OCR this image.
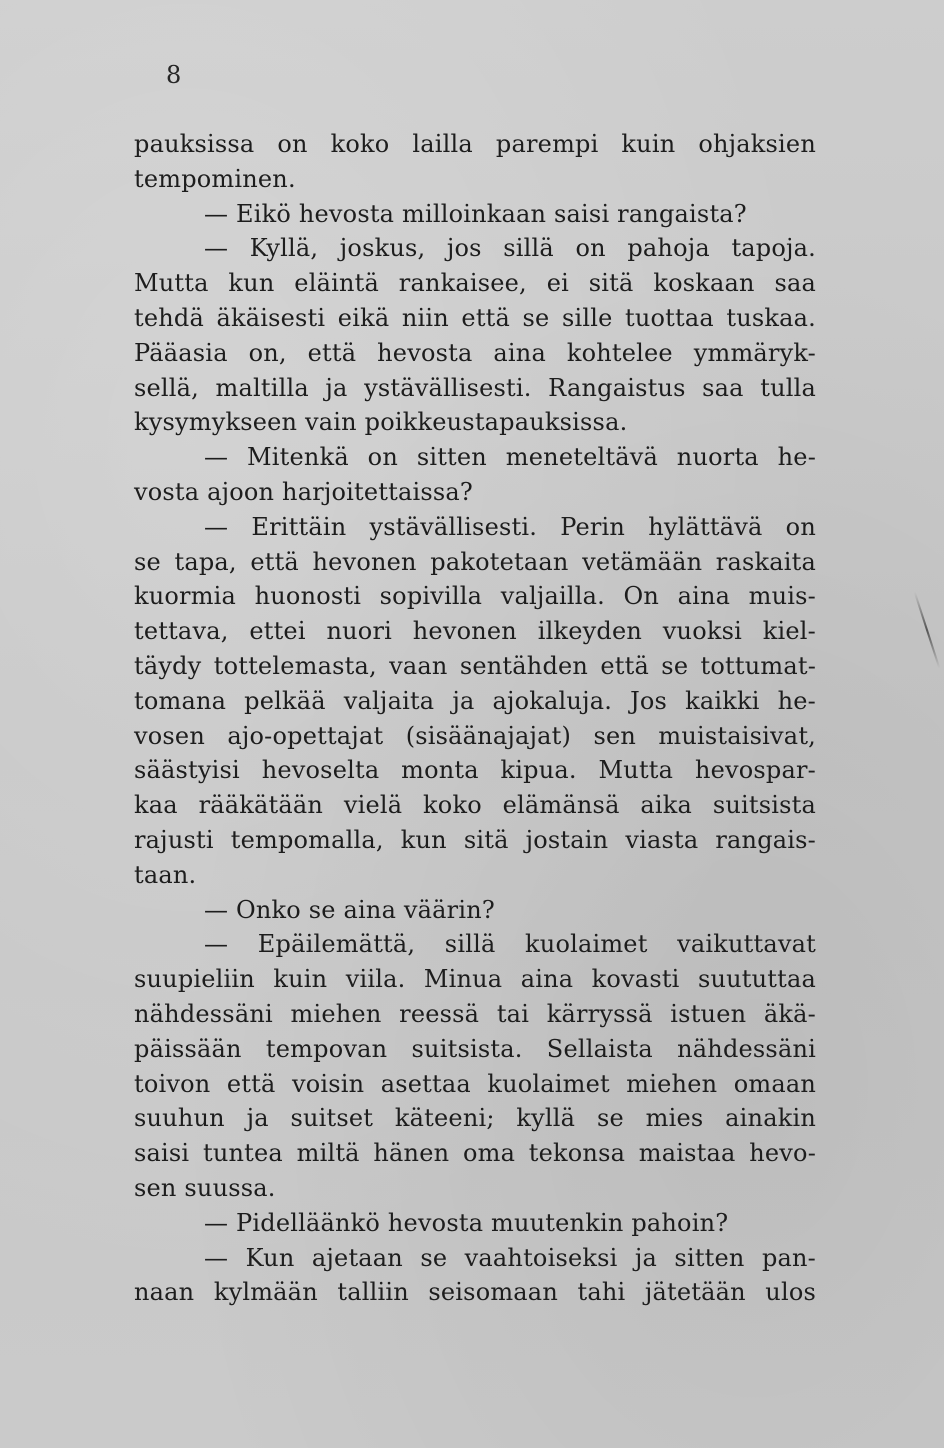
8
pauksissa on koko lailla parempi kuin ohjaksien
tempominen.
— Eikö hevosta milloinkaan saisi rangaista?
— Kyllä, joskus, jos sillä on pahoja tapoja.
Mutta kun eläintä rankaisee, ei sitä koskaan saa
tehdä äkäisesti eikä niin että se sille tuottaa tuskaa.
Pääasia on, että hevosta aina kohtelee ymmäryk-
sellä, maltilla ja ystävällisesti. Rangaistus saa tulla
kysymykseen vain poikkeustapauksissa.
— Mitenkä on sitten meneteltävä nuorta he-
vosta ajoon harjoitettaissa?
— Erittäin ystävällisesti. Perin hylättävä on
se tapa, että hevonen pakotetaan vetämään raskaita
kuormia huonosti sopivilla valjailla. On aina muis-
tettava, ettei nuori hevonen ilkeyden vuoksi kiel-
täydy tottelemasta, vaan sentähden että se tottumat-
tomana pelkää valjaita ja ajokaluja. Jos kaikki he-
vosen ajo-opettajat (sisäänajajat) sen muistaisivat,
säästyisi hevoselta monta kipua. Mutta hevospar-
kaa rääkätään vielä koko elämänsä aika suitsista
rajusti tempomalla, kun sitä jostain viasta rangais-
taan.
— Onko se aina väärin?
— Epäilemättä, sillä kuolaimet vaikuttavat
suupieliin kuin viila. Minua aina kovasti suututtaa
nähdessäni miehen reessä tai kärryssä istuen äkä-
päissään tempovan suitsista. Sellaista nähdessäni
toivon että voisin asettaa kuolaimet miehen omaan
suuhun ja suitset käteeni; kyllä se mies ainakin
saisi tuntea miltä hänen oma tekonsa maistaa hevo-
sen suussa.
— Pidelläänkö hevosta muutenkin pahoin?
— Kun ajetaan se vaahtoiseksi ja sitten pan-
naan kylmään talliin seisomaan tahi jätetään ulos
